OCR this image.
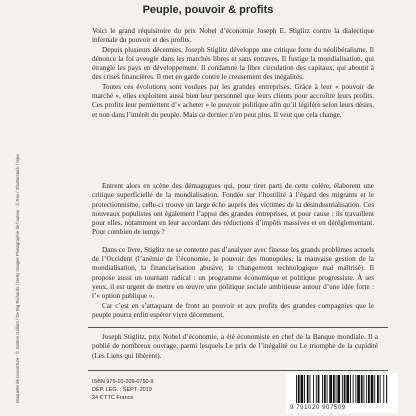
Peuple, pouvoir & profits

Voici le grand réquisitoire du prix Nobel d’économie Joseph E. Stiglitz contre la dialectique infernale du pouvoir et des profits.

Depuis plusieurs décennies, Joseph Stiglitz développe une critique forte du néolibéralisme. Il dénonce la foi aveugle dans les marchés libres et sans entraves. Il fustige la mondialisation, qui étrangle les pays en développement. Il condamne la libre circulation des capitaux, qui aboutit à des crises financières. Il met en garde contre le creusement des inégalités.

Toutes ces évolutions sont voulues par les grandes entreprises. Grâce à leur « pouvoir de marché », elles exploitent aussi bien leur personnel que leurs clients pour accroître leurs profits. Ces profits leur permettent d’« acheter » le pouvoir politique afin qu’il légifère selon leurs désirs, et non dans l’intérêt du peuple. Mais ce dernier n’en peut plus. Il veut que cela change.

Entrent alors en scène des démagogues qui, pour tirer parti de cette colère, élaborent une critique superficielle de la mondialisation. Fondée sur l’hostilité à l’égard des migrants et le protectionnisme, celle-ci trouve un large écho auprès des victimes de la désindustrialisation. Ces nouveaux populistes ont également l’appui des grandes entreprises, et pour cause : ils travaillent pour elles, notamment en leur accordant des réductions d’impôts massives et en déréglementant. Pour combien de temps ?

Dans ce livre, Stiglitz ne se contente pas d’analyser avec finesse les grands problèmes actuels de l’Occident (l’anémie de l’économie, le pouvoir des monopoles, la mauvaise gestion de la mondialisation, la financiarisation abusive, le changement technologique mal maîtrisé). Il propose aussi un tournant radical : un programme économique et politique progressiste. À ses yeux, il est urgent de mettre en œuvre une politique sociale ambitieuse autour d’une idée forte : l’« option publique ».

Car c’est en s’attaquant de front au pouvoir et aux profits des grandes compagnies que le peuple pourra enfin espérer vivre décemment.

Joseph Stiglitz, prix Nobel d’économie, a été économiste en chef de la Banque mondiale. Il a publié de nombreux ouvrage, parmi lesquels Le prix de l’inégalité ou Le triomphe de la cupidité (Les Liens qui libèrent).

Maquette de couverture : © Justine Gallant / De Big Richards / Getty Images Photographie de l’auteur : © Rex / Shutterstock / Sipa	ISBN 979-10-209-0750-9
DÉP. LÉG. : SEPT. 2019
24 € TTC France
9 791020 907509
